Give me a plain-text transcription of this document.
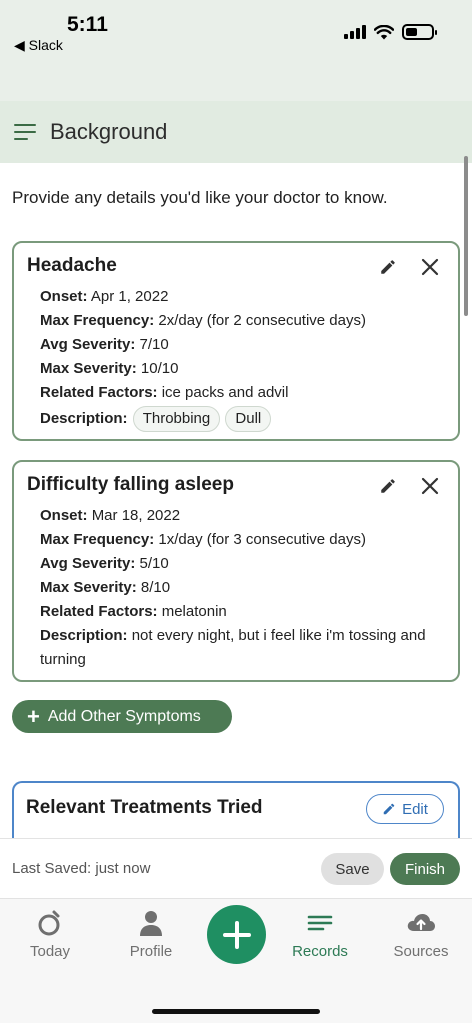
5:11
◀ Slack
Background
Provide any details you'd like your doctor to know.
Headache
Onset: Apr 1, 2022
Max Frequency: 2x/day (for 2 consecutive days)
Avg Severity: 7/10
Max Severity: 10/10
Related Factors: ice packs and advil
Description: Throbbing Dull
Difficulty falling asleep
Onset: Mar 18, 2022
Max Frequency: 1x/day (for 3 consecutive days)
Avg Severity: 5/10
Max Severity: 8/10
Related Factors: melatonin
Description: not every night, but i feel like i'm tossing and turning
+ Add Other Symptoms
Relevant Treatments Tried	Edit
Last Saved: just now	Save	Finish
Today	Profile	Records	Sources
